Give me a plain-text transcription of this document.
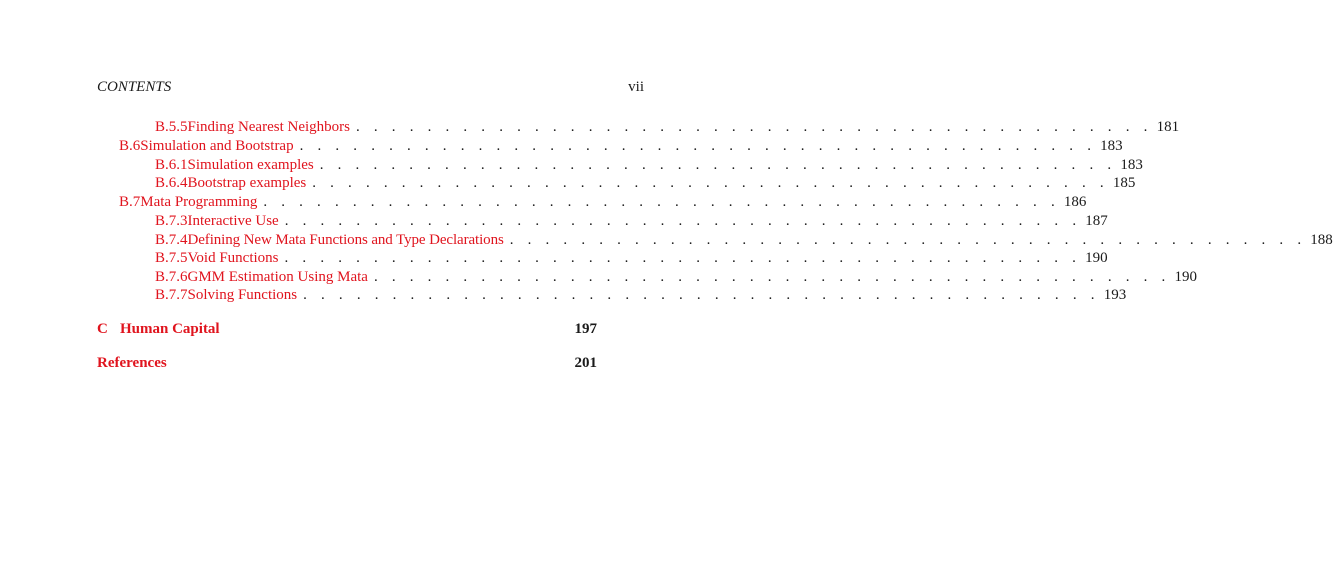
CONTENTS	vii
B.5.5 Finding Nearest Neighbors . . . . . . . . . . . . . . . . . . . . . . . . . . . . . . . . . . . . . . . . . . . . . 181
B.6 Simulation and Bootstrap . . . . . . . . . . . . . . . . . . . . . . . . . . . . . . . . . . . . . . . . . . . . . 183
B.6.1 Simulation examples . . . . . . . . . . . . . . . . . . . . . . . . . . . . . . . . . . . . . . . . . . . . . 183
B.6.4 Bootstrap examples . . . . . . . . . . . . . . . . . . . . . . . . . . . . . . . . . . . . . . . . . . . . . 185
B.7 Mata Programming . . . . . . . . . . . . . . . . . . . . . . . . . . . . . . . . . . . . . . . . . . . . . 186
B.7.3 Interactive Use . . . . . . . . . . . . . . . . . . . . . . . . . . . . . . . . . . . . . . . . . . . . . 187
B.7.4 Defining New Mata Functions and Type Declarations . . . . . . . . . . . . . . . . . . . . . . . . . . . . . . . . . . . . . . . . . . . . . 188
B.7.5 Void Functions . . . . . . . . . . . . . . . . . . . . . . . . . . . . . . . . . . . . . . . . . . . . . 190
B.7.6 GMM Estimation Using Mata . . . . . . . . . . . . . . . . . . . . . . . . . . . . . . . . . . . . . . . . . . . . . 190
B.7.7 Solving Functions . . . . . . . . . . . . . . . . . . . . . . . . . . . . . . . . . . . . . . . . . . . . . 193
C Human Capital	197
References	201
